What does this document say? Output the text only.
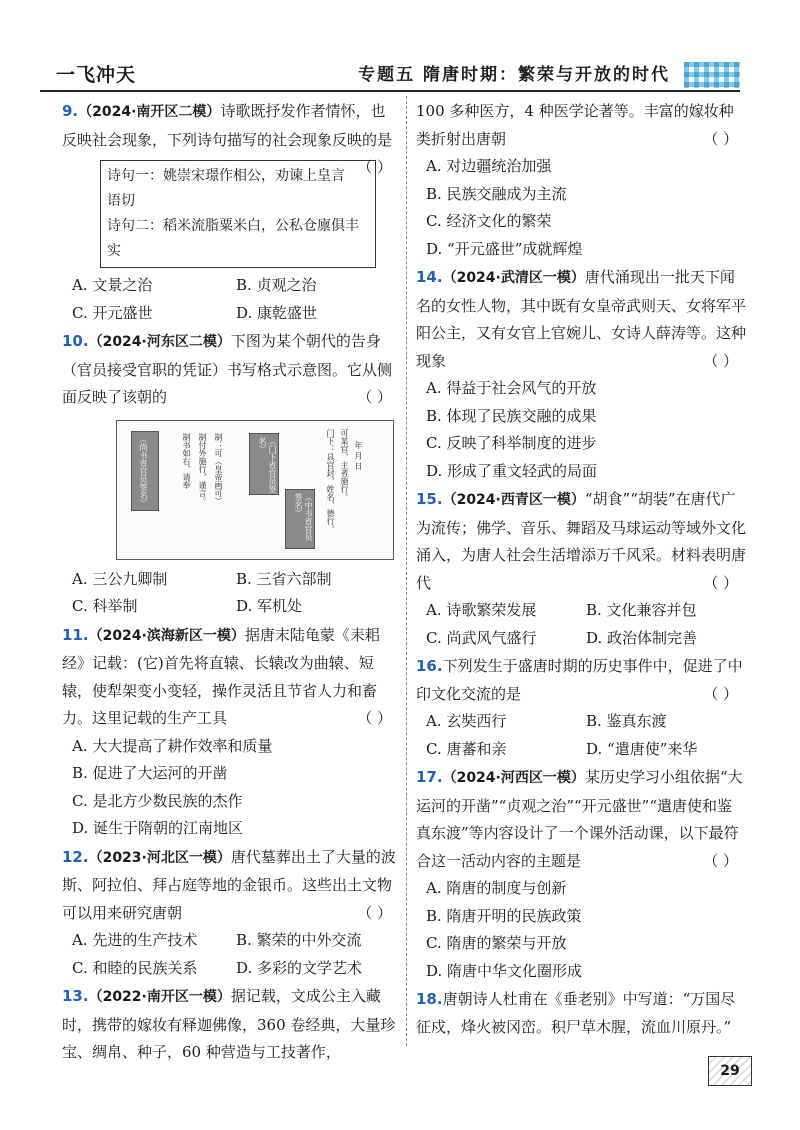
一飞冲天	专题五 隋唐时期：繁荣与开放的时代
9.（2024·南开区二模）诗歌既抒发作者情怀，也反映社会现象，下列诗句描写的社会现象反映的是
（ ）
诗句一：姚崇宋璟作相公，劝谏上皇言语切
诗句二：稻米流脂粟米白，公私仓廪俱丰实
A. 文景之治	B. 贞观之治
C. 开元盛世	D. 康乾盛世
10.（2024·河东区二模）下图为某个朝代的告身（官员接受官职的凭证）书写格式示意图。它从侧面反映了该朝的	（ ）
（尚书省官员签名）	制书如右，请奉 制付外施行，谨言。 制：可（皇帝画可）	（门下省官员签名）
（中书省官员签名）	门下：具官封，姓名，德行， 可某官，主者施行。 年 月 日
A. 三公九卿制	B. 三省六部制
C. 科举制	D. 军机处
11.（2024·滨海新区一模）据唐末陆龟蒙《耒耜经》记载：(它)首先将直辕、长辕改为曲辕、短辕，使犁架变小变轻，操作灵活且节省人力和畜力。这里记载的生产工具	（ ）
A. 大大提高了耕作效率和质量
B. 促进了大运河的开凿
C. 是北方少数民族的杰作
D. 诞生于隋朝的江南地区
12.（2023·河北区一模）唐代墓葬出土了大量的波斯、阿拉伯、拜占庭等地的金银币。这些出土文物可以用来研究唐朝	（ ）
A. 先进的生产技术	B. 繁荣的中外交流
C. 和睦的民族关系	D. 多彩的文学艺术
13.（2022·南开区一模）据记载，文成公主入藏时，携带的嫁妆有释迦佛像，360 卷经典，大量珍宝、绸帛、种子，60 种营造与工技著作，
100 多种医方，4 种医学论著等。丰富的嫁妆种类折射出唐朝	（ ）
A. 对边疆统治加强
B. 民族交融成为主流
C. 经济文化的繁荣
D. “开元盛世”成就辉煌
14.（2024·武清区一模）唐代涌现出一批天下闻名的女性人物，其中既有女皇帝武则天、女将军平阳公主，又有女官上官婉儿、女诗人薛涛等。这种现象	（ ）
A. 得益于社会风气的开放
B. 体现了民族交融的成果
C. 反映了科举制度的进步
D. 形成了重文轻武的局面
15.（2024·西青区一模）“胡食”“胡装”在唐代广为流传；佛学、音乐、舞蹈及马球运动等域外文化涌入，为唐人社会生活增添万千风采。材料表明唐代	（ ）
A. 诗歌繁荣发展	B. 文化兼容并包
C. 尚武风气盛行	D. 政治体制完善
16.下列发生于盛唐时期的历史事件中，促进了中印文化交流的是	（ ）
A. 玄奘西行	B. 鉴真东渡
C. 唐蕃和亲	D. “遣唐使”来华
17.（2024·河西区一模）某历史学习小组依据“大运河的开凿”“贞观之治”“开元盛世”“遣唐使和鉴真东渡”等内容设计了一个课外活动课，以下最符合这一活动内容的主题是	（ ）
A. 隋唐的制度与创新
B. 隋唐开明的民族政策
C. 隋唐的繁荣与开放
D. 隋唐中华文化圈形成
18.唐朝诗人杜甫在《垂老别》中写道：“万国尽征戍，烽火被冈峦。积尸草木腥，流血川原丹。”
29
